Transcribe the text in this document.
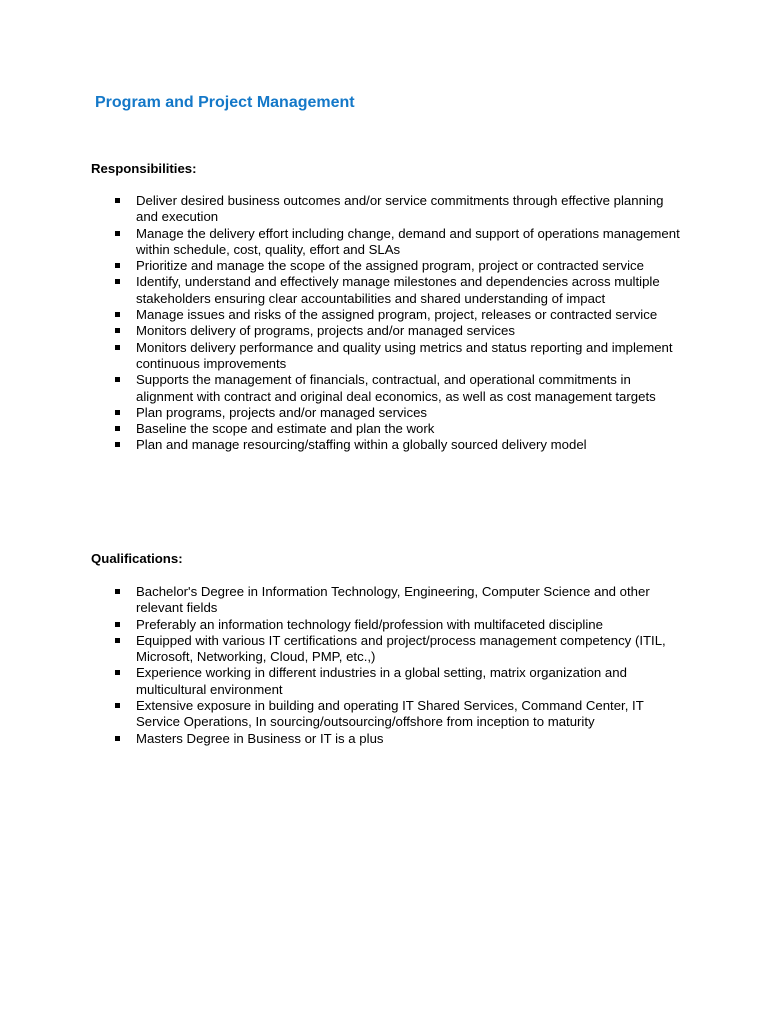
Program and Project Management
Responsibilities:
Deliver desired business outcomes and/or service commitments through effective planning and execution
Manage the delivery effort including change, demand and support of operations management within schedule, cost, quality, effort and SLAs
Prioritize and manage the scope of the assigned program, project or contracted service
Identify, understand and effectively manage milestones and dependencies across multiple stakeholders ensuring clear accountabilities and shared understanding of impact
Manage issues and risks of the assigned program, project, releases or contracted service
Monitors delivery of programs, projects and/or managed services
Monitors delivery performance and quality using metrics and status reporting and implement continuous improvements
Supports the management of financials, contractual, and operational commitments in alignment with contract and original deal economics, as well as cost management targets
Plan programs, projects and/or managed services
Baseline the scope and estimate and plan the work
Plan and manage resourcing/staffing within a globally sourced delivery model
Qualifications:
Bachelor's Degree in Information Technology, Engineering, Computer Science and other relevant fields
Preferably an information technology field/profession with multifaceted discipline
Equipped with various IT certifications and project/process management competency (ITIL, Microsoft, Networking, Cloud, PMP, etc.,)
Experience working in different industries in a global setting, matrix organization and multicultural environment
Extensive exposure in building and operating IT Shared Services, Command Center, IT Service Operations, In sourcing/outsourcing/offshore from inception to maturity
Masters Degree in Business or IT is a plus
